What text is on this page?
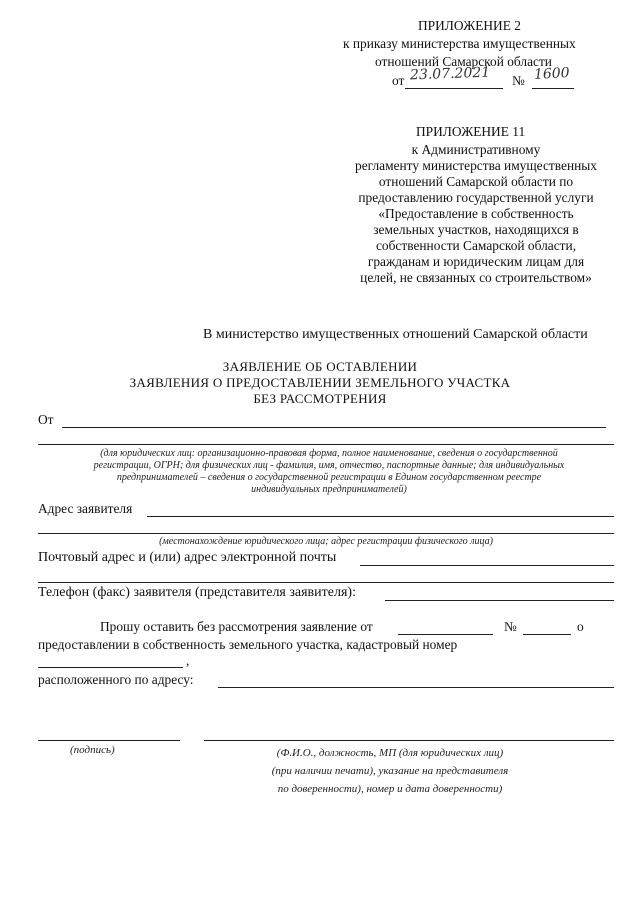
ПРИЛОЖЕНИЕ 2
к приказу министерства имущественных
отношений Самарской области
от 23.07.2021 № 1600
ПРИЛОЖЕНИЕ 11
к Административному
регламенту министерства имущественных
отношений Самарской области по
предоставлению государственной услуги
«Предоставление в собственность
земельных участков, находящихся в
собственности Самарской области,
гражданам и юридическим лицам для
целей, не связанных со строительством»
В министерство имущественных отношений Самарской области
ЗАЯВЛЕНИЕ ОБ ОСТАВЛЕНИИ
ЗАЯВЛЕНИЯ О ПРЕДОСТАВЛЕНИИ ЗЕМЕЛЬНОГО УЧАСТКА
БЕЗ РАССМОТРЕНИЯ
От
(для юридических лиц: организационно-правовая форма, полное наименование, сведения о государственной
регистрации, ОГРН; для физических лиц - фамилия, имя, отчество, паспортные данные; для индивидуальных
предпринимателей – сведения о государственной регистрации в Едином государственном реестре
индивидуальных предпринимателей)
Адрес заявителя
(местонахождение юридического лица; адрес регистрации физического лица)
Почтовый адрес и (или) адрес электронной почты
Телефон (факс) заявителя (представителя заявителя):
Прошу оставить без рассмотрения заявление от	№	о
предоставлении в собственность земельного участка, кадастровый номер
,
расположенного по адресу:
(подпись)	(Ф.И.О., должность, МП (для юридических лиц)
(при наличии печати), указание на представителя
по доверенности), номер и дата доверенности)
